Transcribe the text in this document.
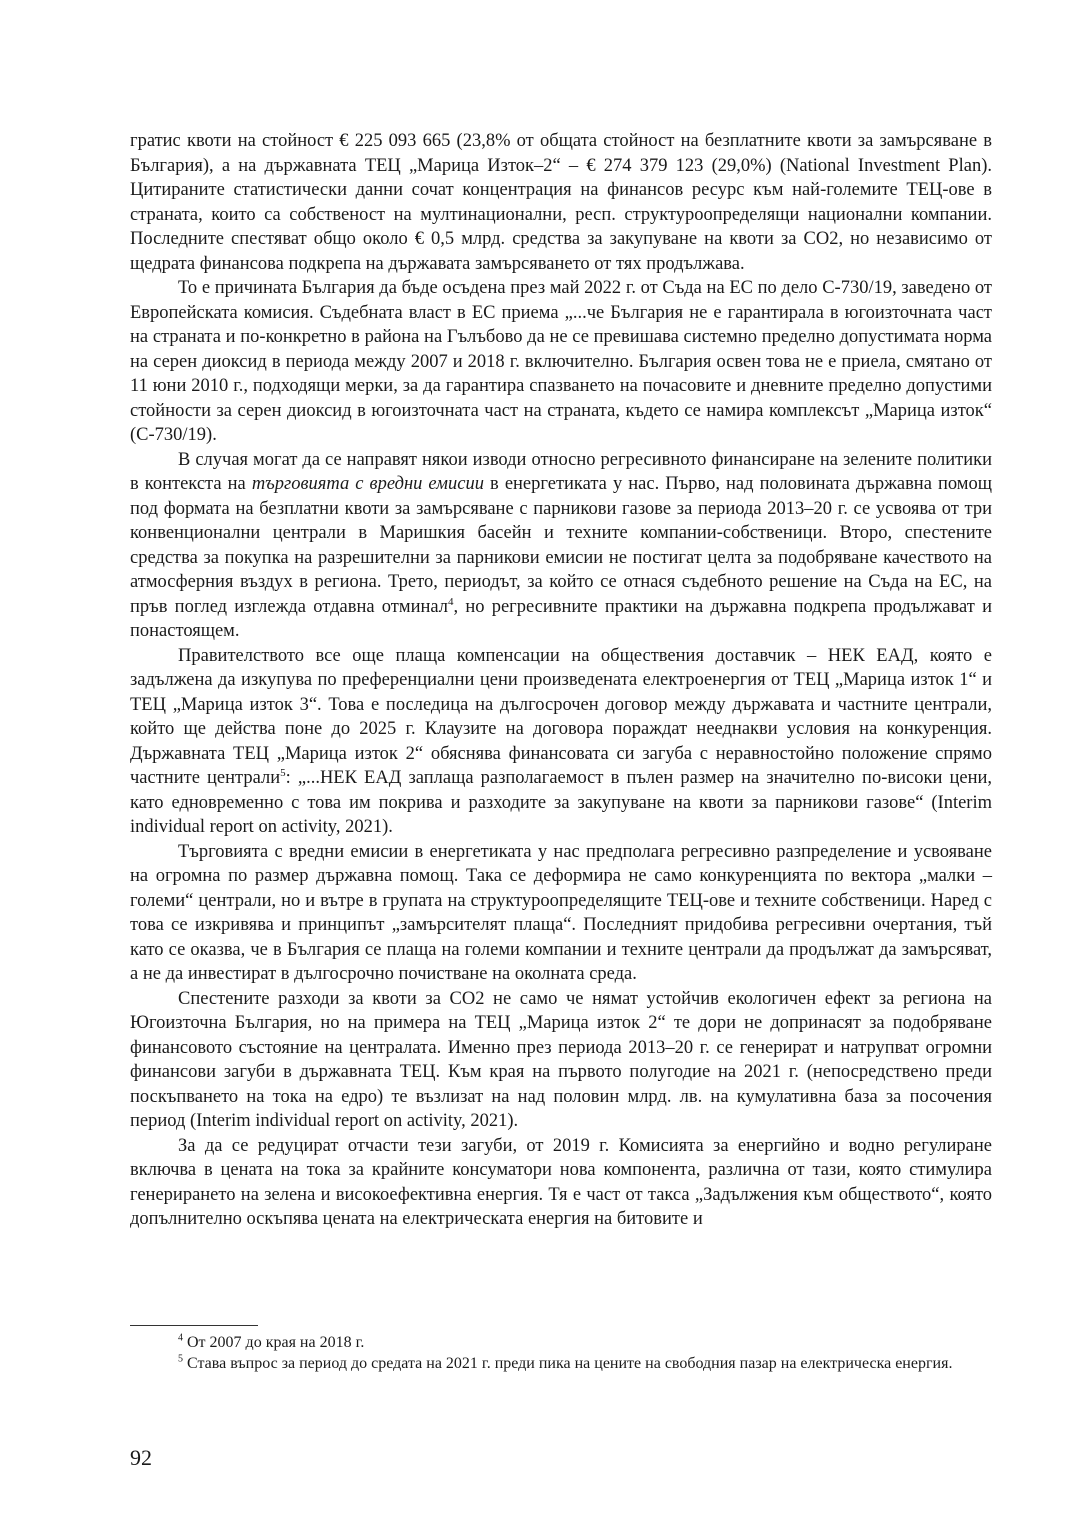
гратис квоти на стойност € 225 093 665 (23,8% от общата стойност на безплатните квоти за замърсяване в България), а на държавната ТЕЦ „Марица Изток–2“ – € 274 379 123 (29,0%) (National Investment Plan). Цитираните статистически данни сочат концентрация на финансов ресурс към най-големите ТЕЦ-ове в страната, които са собственост на мултинационални, респ. структуроопределящи национални компании. Последните спестяват общо около € 0,5 млрд. средства за закупуване на квоти за CO2, но независимо от щедрата финансова подкрепа на държавата замърсяването от тях продължава.

То е причината България да бъде осъдена през май 2022 г. от Съда на ЕС по дело C-730/19, заведено от Европейската комисия. Съдебната власт в ЕС приема „...че България не е гарантирала в югоизточната част на страната и по-конкретно в района на Гълъбово да не се превишава системно пределно допустимата норма на серен диоксид в периода между 2007 и 2018 г. включително. България освен това не е приела, смятано от 11 юни 2010 г., подходящи мерки, за да гарантира спазването на почасовите и дневните пределно допустими стойности за серен диоксид в югоизточната част на страната, където се намира комплексът „Марица изток“ (C-730/19).

В случая могат да се направят някои изводи относно регресивното финансиране на зелените политики в контекста на търговията с вредни емисии в енергетиката у нас. Първо, над половината държавна помощ под формата на безплатни квоти за замърсяване с парникови газове за периода 2013–20 г. се усвоява от три конвенционални централи в Маришкия басейн и техните компании-собственици. Второ, спестените средства за покупка на разрешителни за парникови емисии не постигат целта за подобряване качеството на атмосферния въздух в региона. Трето, периодът, за който се отнася съдебното решение на Съда на ЕС, на пръв поглед изглежда отдавна отминал$^4$, но регресивните практики на държавна подкрепа продължават и понастоящем.

Правителството все още плаща компенсации на обществения доставчик – НЕК ЕАД, която е задължена да изкупува по преференциални цени произведената електроенергия от ТЕЦ „Марица изток 1“ и ТЕЦ „Марица изток 3“. Това е последица на дългосрочен договор между държавата и частните централи, който ще действа поне до 2025 г. Клаузите на договора пораждат нееднакви условия на конкуренция. Държавната ТЕЦ „Марица изток 2“ обяснява финансовата си загуба с неравностойно положение спрямо частните централи$^5$: „...НЕК ЕАД заплаща разполагаемост в пълен размер на значително по-високи цени, като едновременно с това им покрива и разходите за закупуване на квоти за парникови газове“ (Interim individual report on activity, 2021).

Търговията с вредни емисии в енергетиката у нас предполага регресивно разпределение и усвояване на огромна по размер държавна помощ. Така се деформира не само конкуренцията по вектора „малки – големи“ централи, но и вътре в групата на структуроопределящите ТЕЦ-ове и техните собственици. Наред с това се изкривява и принципът „замърсителят плаща“. Последният придобива регресивни очертания, тъй като се оказва, че в България се плаща на големи компании и техните централи да продължат да замърсяват, а не да инвестират в дългосрочно почистване на околната среда.

Спестените разходи за квоти за CO2 не само че нямат устойчив екологичен ефект за региона на Югоизточна България, но на примера на ТЕЦ „Марица изток 2“ те дори не допринасят за подобряване финансовото състояние на централата. Именно през периода 2013–20 г. се генерират и натрупват огромни финансови загуби в държавната ТЕЦ. Към края на първото полугодие на 2021 г. (непосредствено преди поскъпването на тока на едро) те възлизат на над половин млрд. лв. на кумулативна база за посочения период (Interim individual report on activity, 2021).

За да се редуцират отчасти тези загуби, от 2019 г. Комисията за енергийно и водно регулиране включва в цената на тока за крайните консуматори нова компонента, различна от тази, която стимулира генерирането на зелена и високоефективна енергия. Тя е част от такса „Задължения към обществото“, която допълнително оскъпява цената на електрическата енергия на битовите и

$^4$ От 2007 до края на 2018 г.

$^5$ Става въпрос за период до средата на 2021 г. преди пика на цените на свободния пазар на електрическа енергия.

92
